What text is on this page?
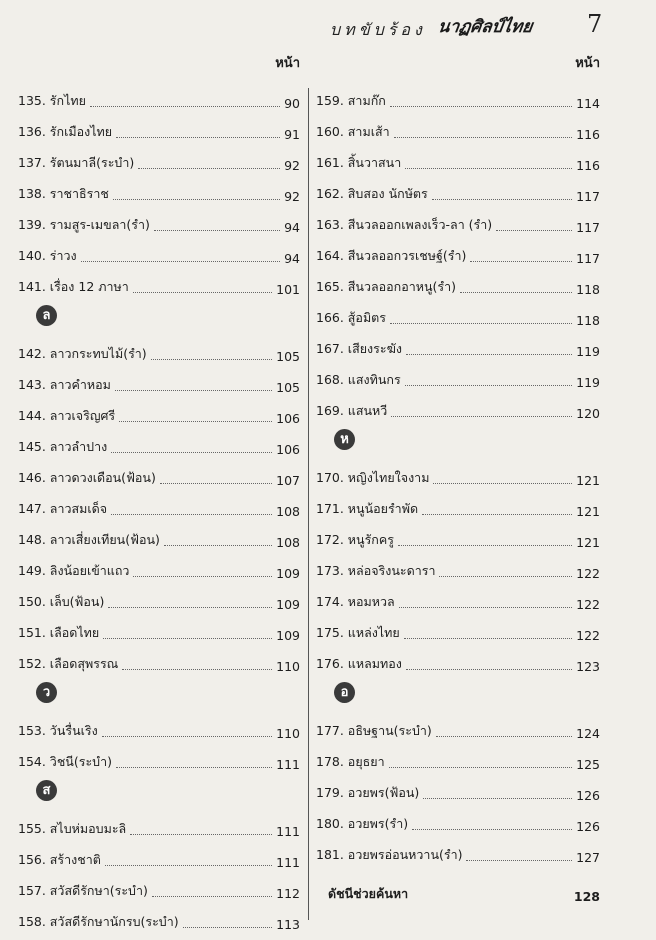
บทขับร้อง นาฏศิลป์ไทย 7
หน้า
135. รักไทย	90
136. รักเมืองไทย	91
137. รัตนมาลี(ระบำ)	92
138. ราชาธิราช	92
139. รามสูร-เมขลา(รำ)	94
140. ร่าวง	94
141. เรื่อง 12 ภาษา	101
ล
142. ลาวกระทบไม้(รำ)	105
143. ลาวคำหอม	105
144. ลาวเจริญศรี	106
145. ลาวลำปาง	106
146. ลาวดวงเดือน(ฟ้อน)	107
147. ลาวสมเด็จ	108
148. ลาวเสี่ยงเทียน(ฟ้อน)	108
149. ลิงน้อยเข้าแถว	109
150. เล็บ(ฟ้อน)	109
151. เลือดไทย	109
152. เลือดสุพรรณ	110
ว
153. วันรื่นเริง	110
154. วิชนี(ระบำ)	111
ส
155. สไบห่มอบมะลิ	111
156. สร้างชาติ	111
157. สวัสดีรักษา(ระบำ)	112
158. สวัสดีรักษานักรบ(ระบำ)	113
หน้า
159. สามก๊ก	114
160. สามเส้า	116
161. สิ้นวาสนา	116
162. สิบสอง นักษัตร	117
163. สีนวลออกเพลงเร็ว-ลา (รำ)	117
164. สีนวลออกวรเชษฐ์(รำ)	117
165. สีนวลออกอาหนู(รำ)	118
166. สู้อมิตร	118
167. เสียงระฆัง	119
168. แสงทินกร	119
169. แสนหวี	120
ห
170. หญิงไทยใจงาม	121
171. หนูน้อยรำพัด	121
172. หนูรักครู	121
173. หล่อจริงนะดารา	122
174. หอมหวล	122
175. แหล่งไทย	122
176. แหลมทอง	123
อ
177. อธิษฐาน(ระบำ)	124
178. อยุธยา	125
179. อวยพร(ฟ้อน)	126
180. อวยพร(รำ)	126
181. อวยพรอ่อนหวาน(รำ)	127
ดัชนีช่วยค้นหา	128
